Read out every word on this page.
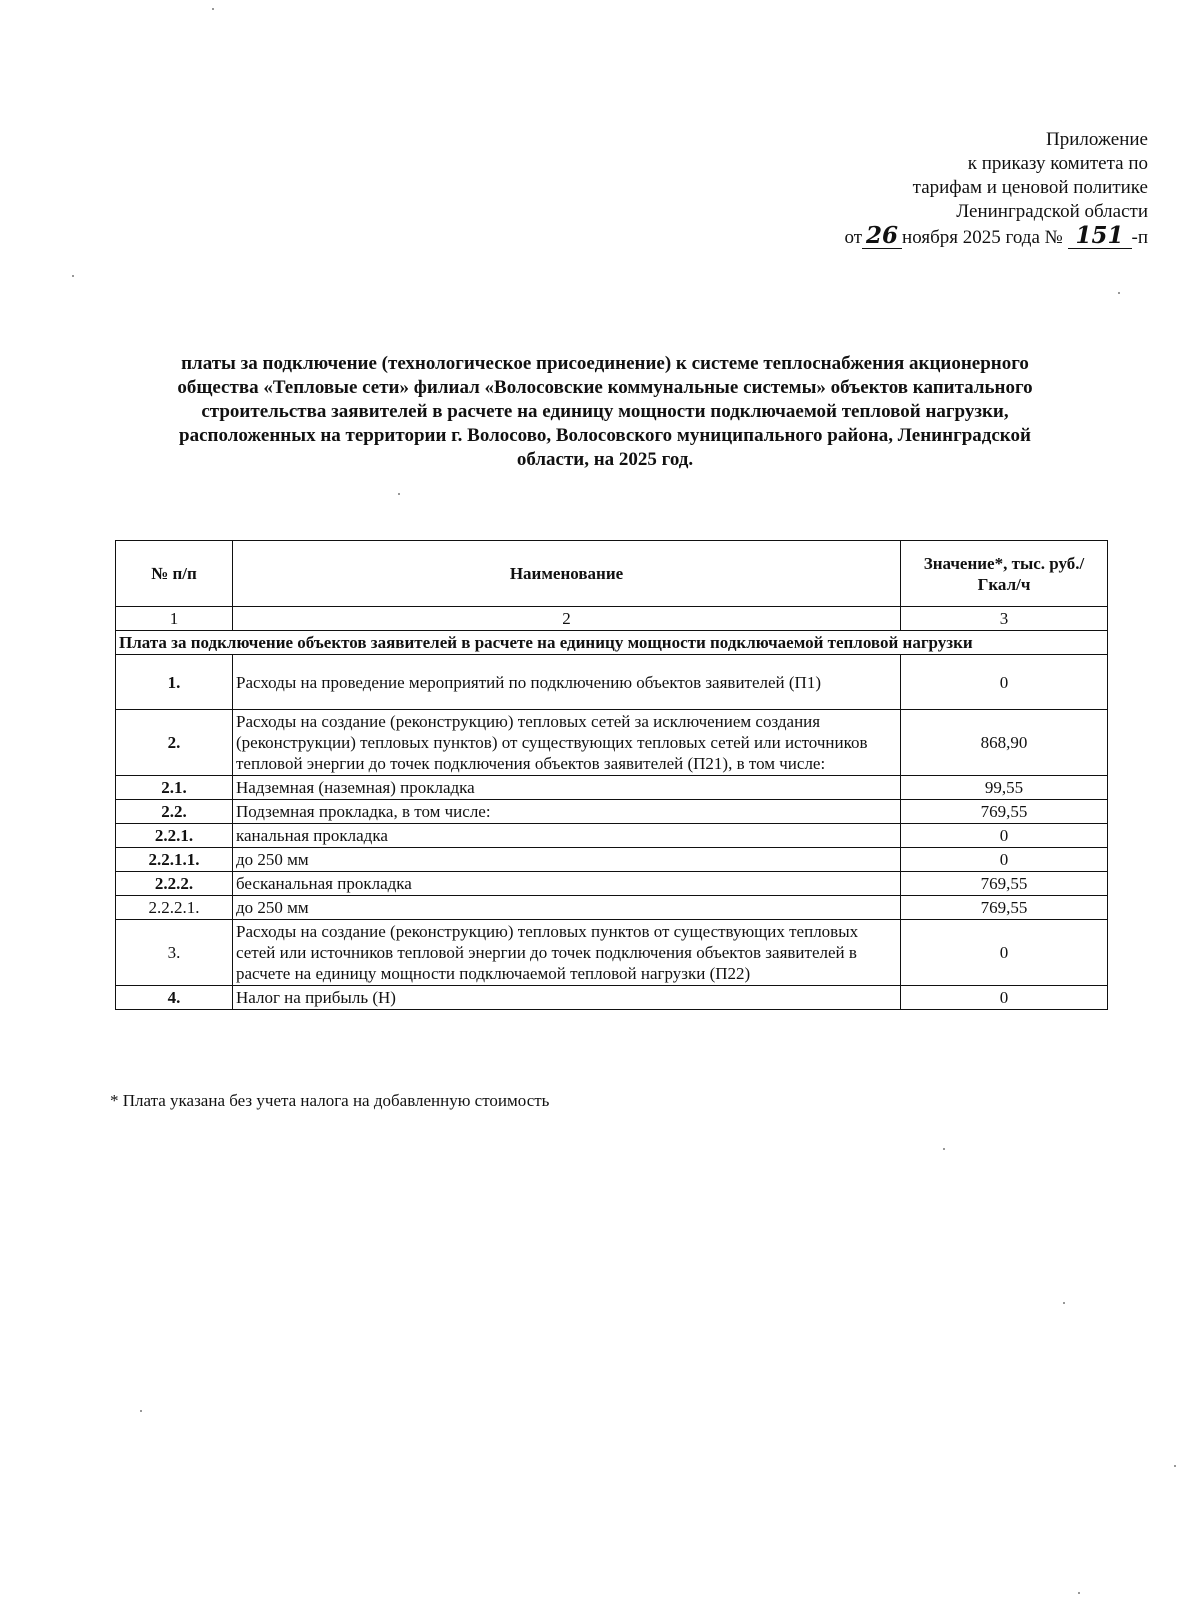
Приложение
к приказу комитета по
тарифам и ценовой политике
Ленинградской области
от 26 ноября 2025 года № 151 -п
платы за подключение (технологическое присоединение) к системе теплоснабжения акционерного
общества «Тепловые сети» филиал «Волосовские коммунальные системы» объектов капитального
строительства заявителей в расчете на единицу мощности подключаемой тепловой нагрузки,
расположенных на территории г. Волосово, Волосовского муниципального района, Ленинградской
области, на 2025 год.
№ п/п	Наименование	Значение*, тыс. руб./Гкал/ч
1	2	3
Плата за подключение объектов заявителей в расчете на единицу мощности подключаемой тепловой нагрузки		
1.	Расходы на проведение мероприятий по подключению объектов заявителей (П1)	0
2.	Расходы на создание (реконструкцию) тепловых сетей за исключением создания (реконструкции) тепловых пунктов) от существующих тепловых сетей или источников тепловой энергии до точек подключения объектов заявителей (П21), в том числе:	868,90
2.1.	Надземная (наземная) прокладка	99,55
2.2.	Подземная прокладка, в том числе:	769,55
2.2.1.	канальная прокладка	0
2.2.1.1.	до 250 мм	0
2.2.2.	бесканальная прокладка	769,55
2.2.2.1.	до 250 мм	769,55
3.	Расходы на создание (реконструкцию) тепловых пунктов от существующих тепловых сетей или источников тепловой энергии до точек подключения объектов заявителей в расчете на единицу мощности подключаемой тепловой нагрузки (П22)	0
4.	Налог на прибыль (Н)	0
* Плата указана без учета налога на добавленную стоимость
